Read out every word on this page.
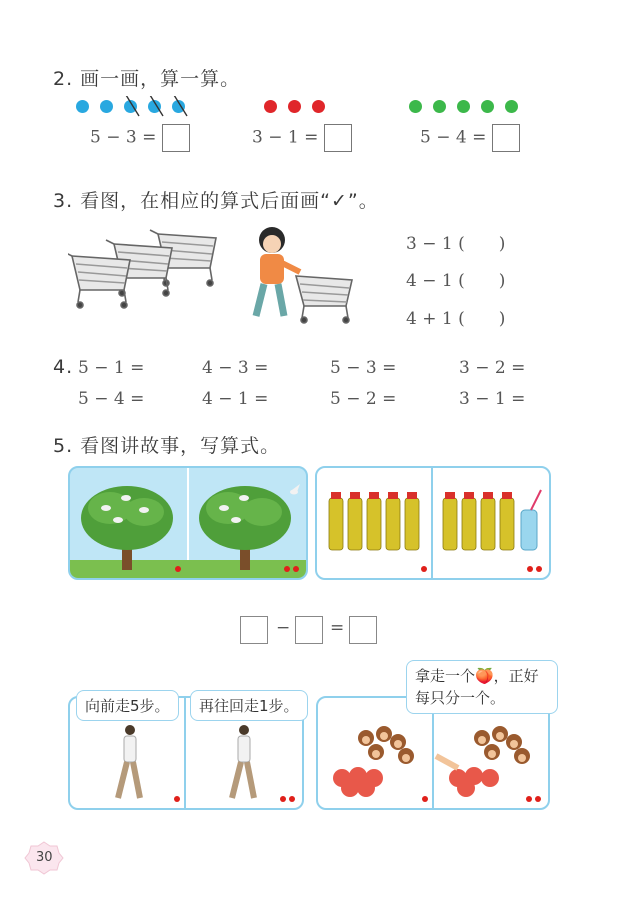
2. 画一画，算一算。
5 − 3 =	3 − 1 =	5 − 4 =
3. 看图，在相应的算式后面画“✓”。
3 − 1 (　　)
4 − 1 (　　)
4 + 1 (　　)
4. 5 − 1 =	4 − 3 =	5 − 3 =	3 − 2 =
5 − 4 =	4 − 1 =	5 − 2 =	3 − 1 =
5. 看图讲故事，写算式。
− =
向前走5步。	再往回走1步。
拿走一个🍑，正好每只分一个。
30
